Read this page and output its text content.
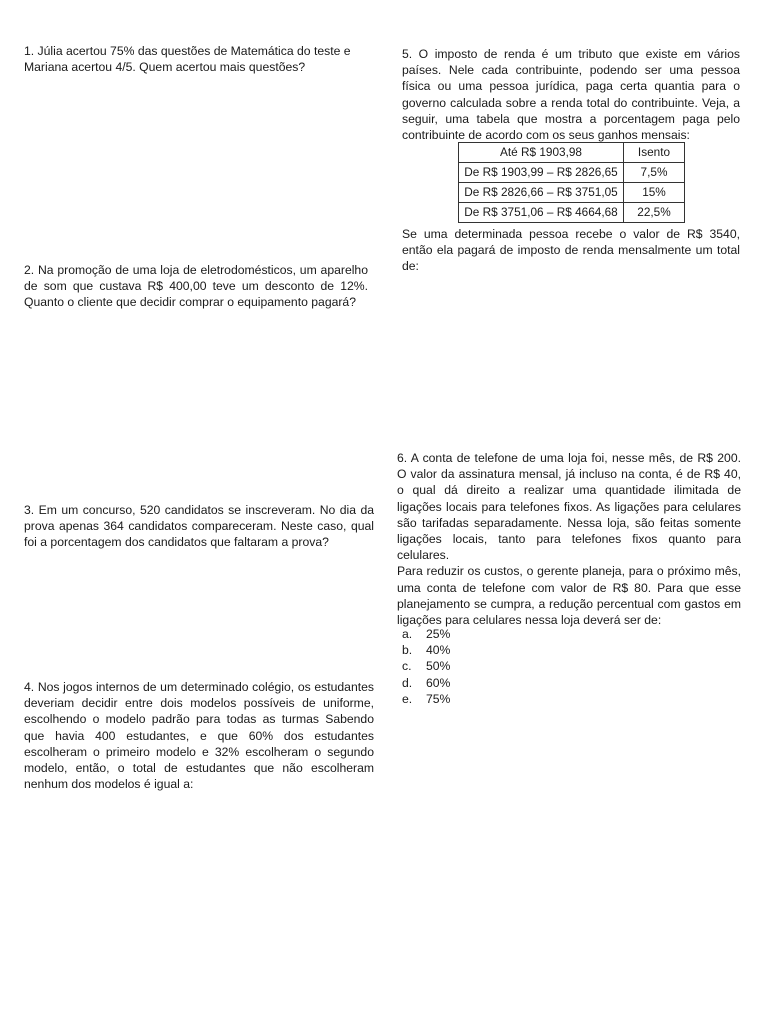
1. Júlia acertou 75% das questões de Matemática do teste e Mariana acertou 4/5. Quem acertou mais questões?

2. Na promoção de uma loja de eletrodomésticos, um aparelho de som que custava R$ 400,00 teve um desconto de 12%. Quanto o cliente que decidir comprar o equipamento pagará?

3. Em um concurso, 520 candidatos se inscreveram. No dia da prova apenas 364 candidatos compareceram. Neste caso, qual foi a porcentagem dos candidatos que faltaram a prova?

4. Nos jogos internos de um determinado colégio, os estudantes deveriam decidir entre dois modelos possíveis de uniforme, escolhendo o modelo padrão para todas as turmas Sabendo que havia 400 estudantes, e que 60% dos estudantes escolheram o primeiro modelo e 32% escolheram o segundo modelo, então, o total de estudantes que não escolheram nenhum dos modelos é igual a:

5. O imposto de renda é um tributo que existe em vários países. Nele cada contribuinte, podendo ser uma pessoa física ou uma pessoa jurídica, paga certa quantia para o governo calculada sobre a renda total do contribuinte. Veja, a seguir, uma tabela que mostra a porcentagem paga pelo contribuinte de acordo com os seus ganhos mensais:

Até R$ 1903,98	Isento
De R$ 1903,99 – R$ 2826,65	7,5%
De R$ 2826,66 – R$ 3751,05	15%
De R$ 3751,06 – R$ 4664,68	22,5%

Se uma determinada pessoa recebe o valor de R$ 3540, então ela pagará de imposto de renda mensalmente um total de:

6. A conta de telefone de uma loja foi, nesse mês, de R$ 200. O valor da assinatura mensal, já incluso na conta, é de R$ 40, o qual dá direito a realizar uma quantidade ilimitada de ligações locais para telefones fixos. As ligações para celulares são tarifadas separadamente. Nessa loja, são feitas somente ligações locais, tanto para telefones fixos quanto para celulares.

Para reduzir os custos, o gerente planeja, para o próximo mês, uma conta de telefone com valor de R$ 80. Para que esse planejamento se cumpra, a redução percentual com gastos em ligações para celulares nessa loja deverá ser de:

a. 25%
b. 40%
c. 50%
d. 60%
e. 75%
